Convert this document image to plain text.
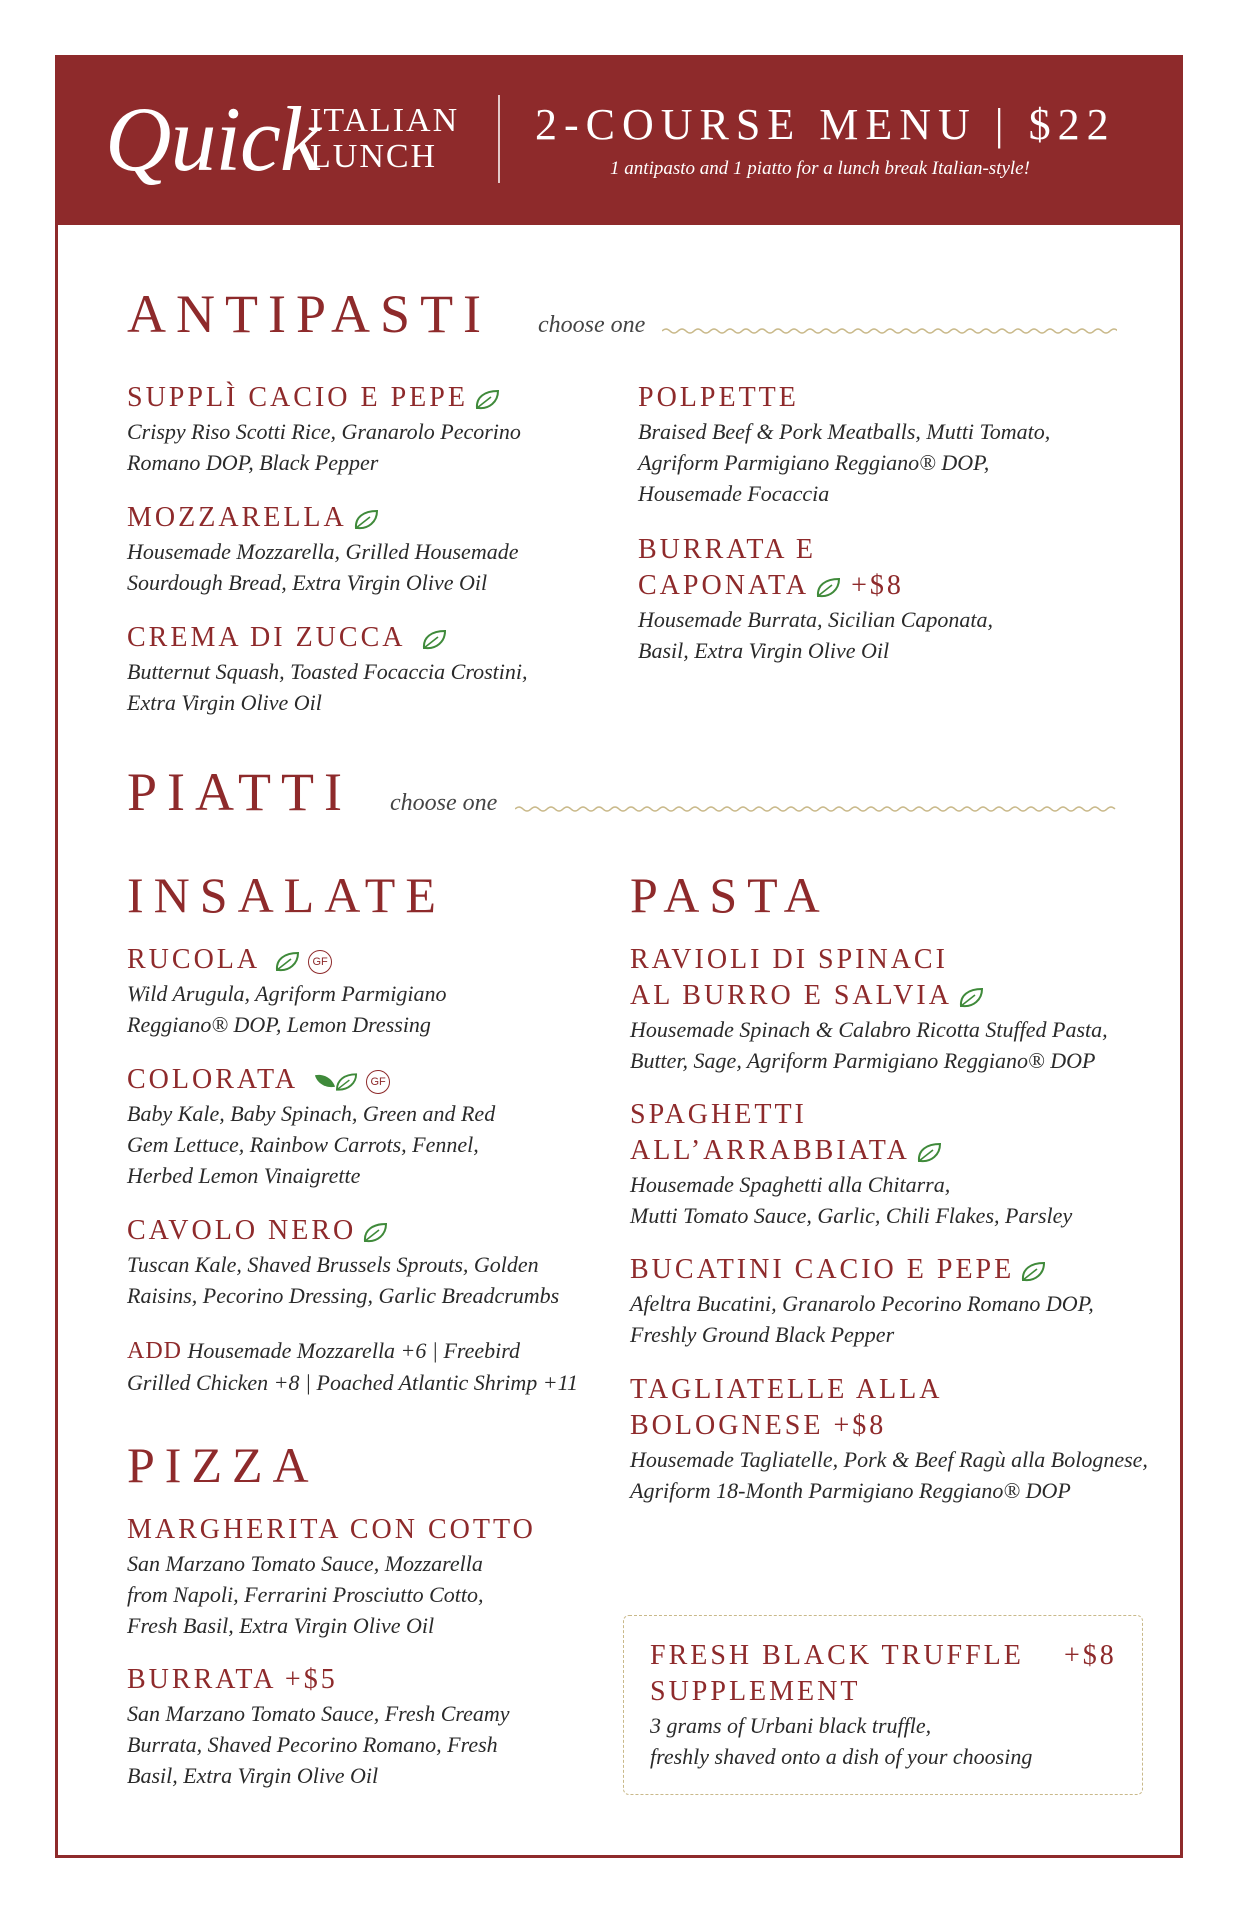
Quick
ITALIAN
LUNCH
2-COURSE MENU | $22
1 antipasto and 1 piatto for a lunch break Italian-style!
ANTIPASTI choose one
SUPPLÌ CACIO E PEPE
Crispy Riso Scotti Rice, Granarolo Pecorino
Romano DOP, Black Pepper
MOZZARELLA
Housemade Mozzarella, Grilled Housemade
Sourdough Bread, Extra Virgin Olive Oil
CREMA DI ZUCCA
Butternut Squash, Toasted Focaccia Crostini,
Extra Virgin Olive Oil
POLPETTE
Braised Beef & Pork Meatballs, Mutti Tomato,
Agriform Parmigiano Reggiano® DOP,
Housemade Focaccia
BURRATA E
CAPONATA +$8
Housemade Burrata, Sicilian Caponata,
Basil, Extra Virgin Olive Oil
PIATTI choose one
INSALATE
RUCOLA	GF
Wild Arugula, Agriform Parmigiano
Reggiano® DOP, Lemon Dressing
COLORATA	GF
Baby Kale, Baby Spinach, Green and Red
Gem Lettuce, Rainbow Carrots, Fennel,
Herbed Lemon Vinaigrette
CAVOLO NERO
Tuscan Kale, Shaved Brussels Sprouts, Golden
Raisins, Pecorino Dressing, Garlic Breadcrumbs
ADD Housemade Mozzarella +6 | Freebird
Grilled Chicken +8 | Poached Atlantic Shrimp +11
PIZZA
MARGHERITA CON COTTO
San Marzano Tomato Sauce, Mozzarella
from Napoli, Ferrarini Prosciutto Cotto,
Fresh Basil, Extra Virgin Olive Oil
BURRATA +$5
San Marzano Tomato Sauce, Fresh Creamy
Burrata, Shaved Pecorino Romano, Fresh
Basil, Extra Virgin Olive Oil
PASTA
RAVIOLI DI SPINACI
AL BURRO E SALVIA
Housemade Spinach & Calabro Ricotta Stuffed Pasta,
Butter, Sage, Agriform Parmigiano Reggiano® DOP
SPAGHETTI
ALL’ARRABBIATA
Housemade Spaghetti alla Chitarra,
Mutti Tomato Sauce, Garlic, Chili Flakes, Parsley
BUCATINI CACIO E PEPE
Afeltra Bucatini, Granarolo Pecorino Romano DOP,
Freshly Ground Black Pepper
TAGLIATELLE ALLA
BOLOGNESE +$8
Housemade Tagliatelle, Pork & Beef Ragù alla Bolognese,
Agriform 18-Month Parmigiano Reggiano® DOP
FRESH BLACK TRUFFLE
SUPPLEMENT
3 grams of Urbani black truffle,
freshly shaved onto a dish of your choosing
+$8
